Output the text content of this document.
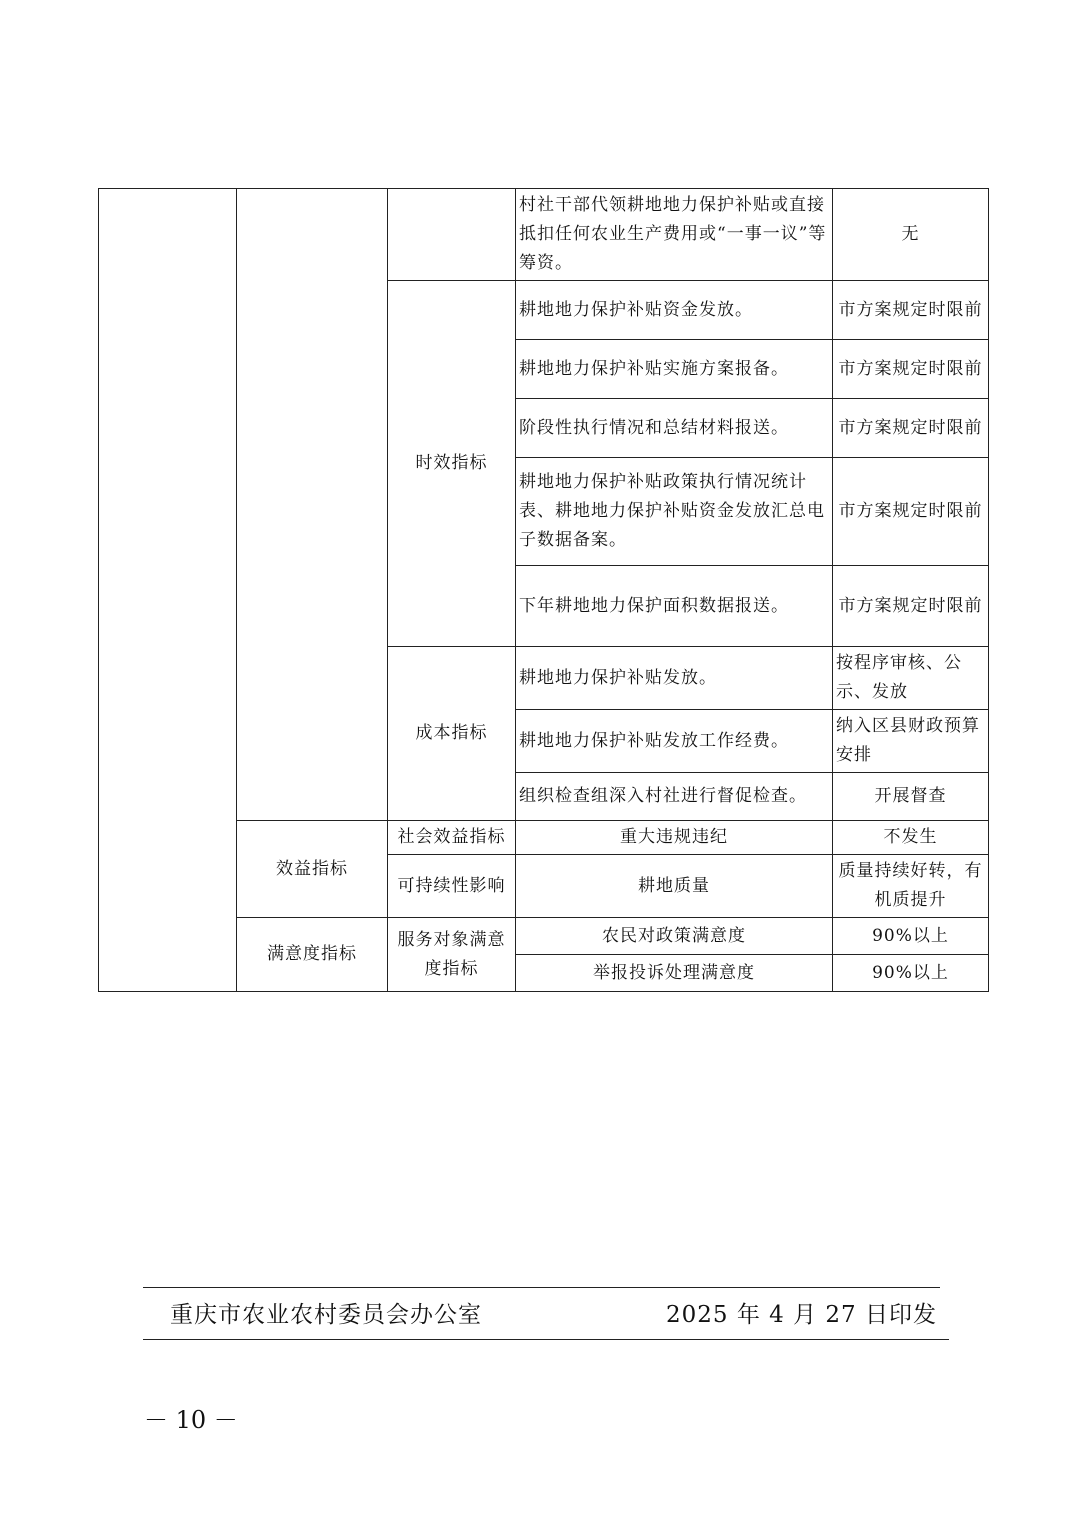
			村社干部代领耕地地力保护补贴或直接抵扣任何农业生产费用或“一事一议”等筹资。	无
		时效指标	耕地地力保护补贴资金发放。	市方案规定时限前
			耕地地力保护补贴实施方案报备。	市方案规定时限前
			阶段性执行情况和总结材料报送。	市方案规定时限前
			耕地地力保护补贴政策执行情况统计表、耕地地力保护补贴资金发放汇总电子数据备案。	市方案规定时限前
			下年耕地地力保护面积数据报送。	市方案规定时限前
		成本指标	耕地地力保护补贴发放。	按程序审核、公示、发放
			耕地地力保护补贴发放工作经费。	纳入区县财政预算安排
			组织检查组深入村社进行督促检查。	开展督查
	效益指标	社会效益指标	重大违规违纪	不发生
		可持续性影响	耕地质量	质量持续好转，有机质提升
	满意度指标	服务对象满意度指标	农民对政策满意度	90%以上
			举报投诉处理满意度	90%以上
重庆市农业农村委员会办公室	2025 年 4 月 27 日印发
－ 10 －
